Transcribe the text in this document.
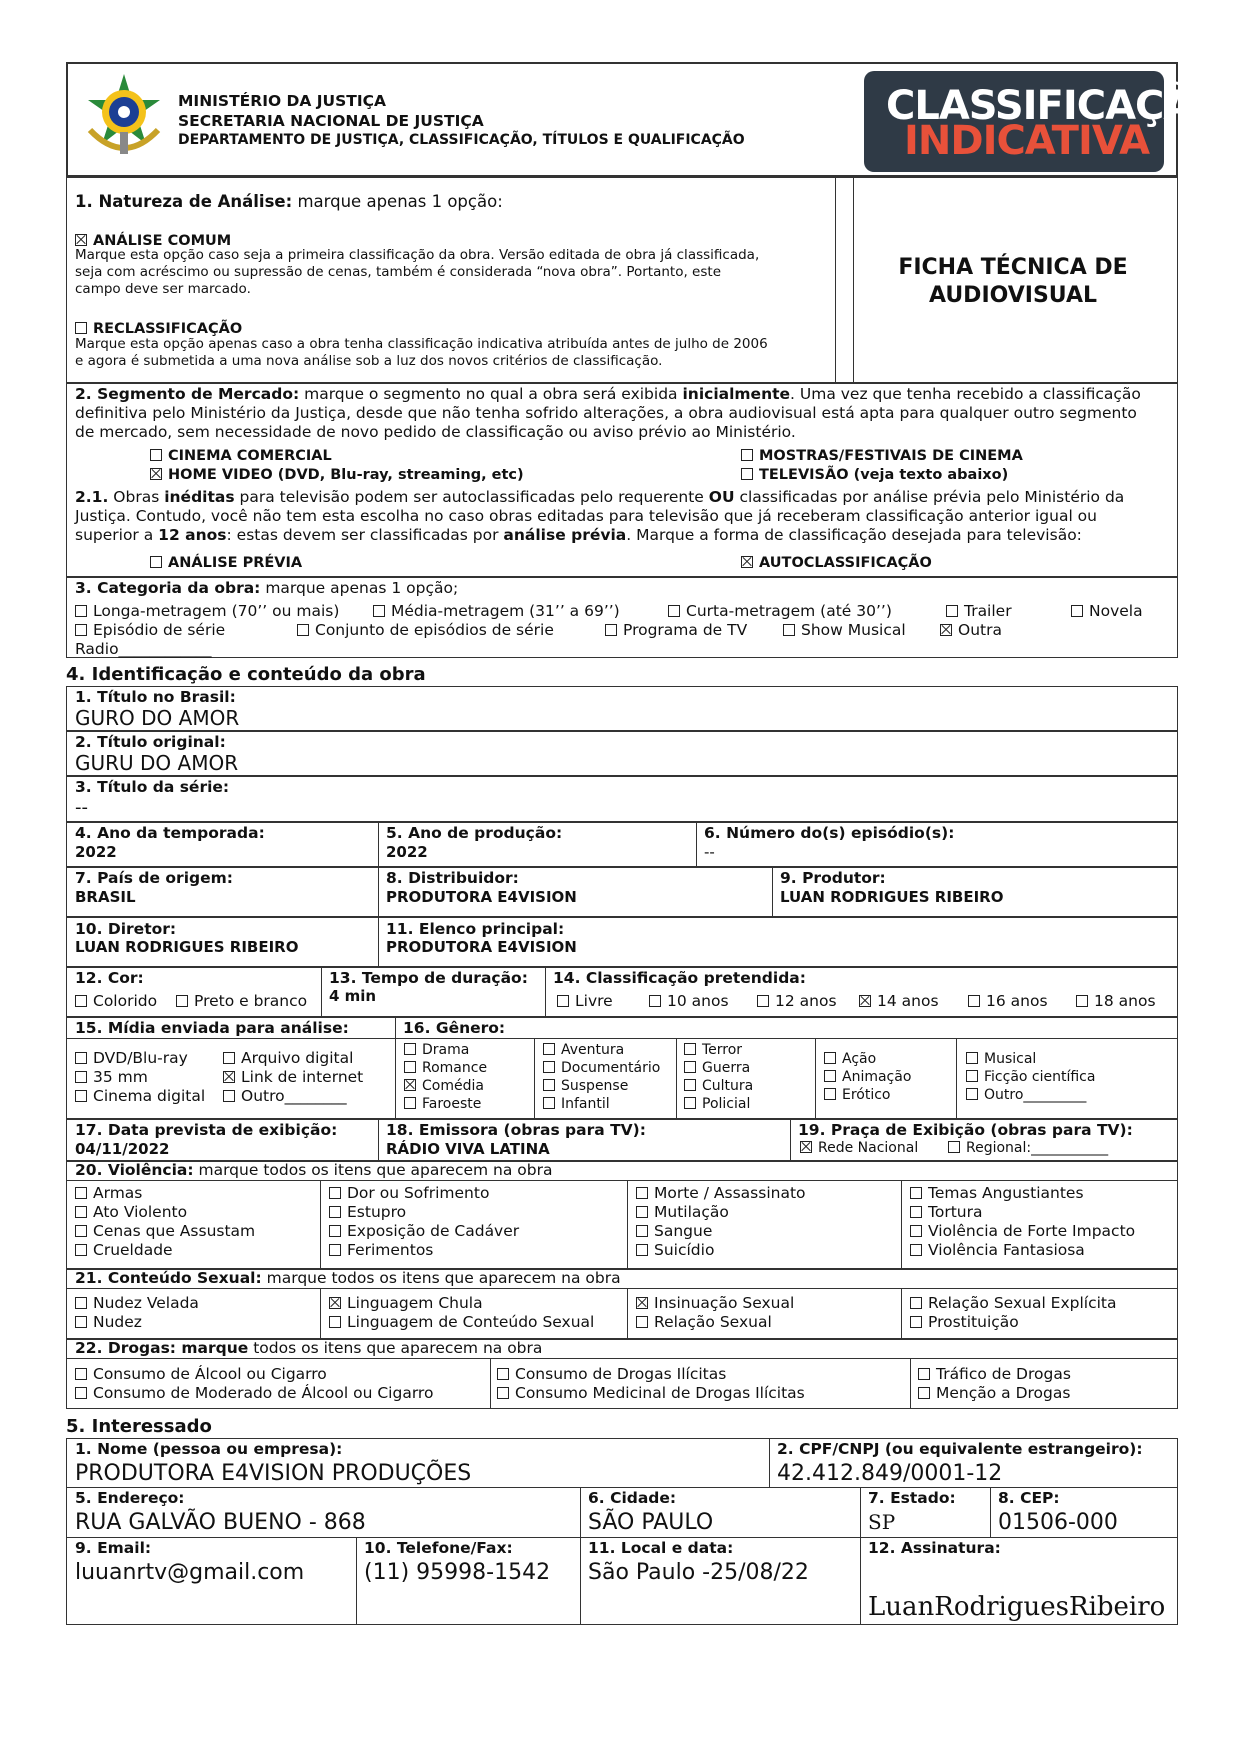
MINISTÉRIO DA JUSTIÇA
SECRETARIA NACIONAL DE JUSTIÇA
DEPARTAMENTO DE JUSTIÇA, CLASSIFICAÇÃO, TÍTULOS E QUALIFICAÇÃO
CLASSIFICAÇÃO
INDICATIVA
1. Natureza de Análise: marque apenas 1 opção:
ANÁLISE COMUM
Marque esta opção caso seja a primeira classificação da obra. Versão editada de obra já classificada,
seja com acréscimo ou supressão de cenas, também é considerada “nova obra”. Portanto, este
campo deve ser marcado.
RECLASSIFICAÇÃO
Marque esta opção apenas caso a obra tenha classificação indicativa atribuída antes de julho de 2006
e agora é submetida a uma nova análise sob a luz dos novos critérios de classificação.
FICHA TÉCNICA DE
AUDIOVISUAL
2. Segmento de Mercado: marque o segmento no qual a obra será exibida inicialmente. Uma vez que tenha recebido a classificação
definitiva pelo Ministério da Justiça, desde que não tenha sofrido alterações, a obra audiovisual está apta para qualquer outro segmento
de mercado, sem necessidade de novo pedido de classificação ou aviso prévio ao Ministério.
CINEMA COMERCIAL
HOME VIDEO (DVD, Blu-ray, streaming, etc)
MOSTRAS/FESTIVAIS DE CINEMA
TELEVISÃO (veja texto abaixo)
2.1. Obras inéditas para televisão podem ser autoclassificadas pelo requerente OU classificadas por análise prévia pelo Ministério da
Justiça. Contudo, você não tem esta escolha no caso obras editadas para televisão que já receberam classificação anterior igual ou
superior a 12 anos: estas devem ser classificadas por análise prévia. Marque a forma de classificação desejada para televisão:
ANÁLISE PRÉVIA	AUTOCLASSIFICAÇÃO
3. Categoria da obra: marque apenas 1 opção;
Longa-metragem (70’’ ou mais)	Média-metragem (31’’ a 69’’)	Curta-metragem (até 30’’)	Trailer	Novela
Episódio de série	Conjunto de episódios de série	Programa de TV	Show Musical	Outra
Radio____________
4. Identificação e conteúdo da obra
1. Título no Brasil:
GURO DO AMOR
2. Título original:
GURU DO AMOR
3. Título da série:
--
4. Ano da temporada:
2022
5. Ano de produção:
2022
6. Número do(s) episódio(s):
--
7. País de origem:
BRASIL
8. Distribuidor:
PRODUTORA E4VISION
9. Produtor:
LUAN RODRIGUES RIBEIRO
10. Diretor:
LUAN RODRIGUES RIBEIRO
11. Elenco principal:
PRODUTORA E4VISION
12. Cor:
Colorido	Preto e branco
13. Tempo de duração:
4 min
14. Classificação pretendida:
Livre	10 anos	12 anos	14 anos	16 anos	18 anos
15. Mídia enviada para análise:	16. Gênero:
DVD/Blu-ray
35 mm
Cinema digital
Arquivo digital
Link de internet
Outro________
Drama
Romance
Comédia
Faroeste
Aventura
Documentário
Suspense
Infantil
Terror
Guerra
Cultura
Policial
Ação
Animação
Erótico
Musical
Ficção científica
Outro_________
17. Data prevista de exibição:
04/11/2022
18. Emissora (obras para TV):
RÁDIO VIVA LATINA
19. Praça de Exibição (obras para TV):
Rede Nacional	Regional:___________
20. Violência: marque todos os itens que aparecem na obra
Armas
Ato Violento
Cenas que Assustam
Crueldade
Dor ou Sofrimento
Estupro
Exposição de Cadáver
Ferimentos
Morte / Assassinato
Mutilação
Sangue
Suicídio
Temas Angustiantes
Tortura
Violência de Forte Impacto
Violência Fantasiosa
21. Conteúdo Sexual: marque todos os itens que aparecem na obra
Nudez Velada
Nudez
Linguagem Chula
Linguagem de Conteúdo Sexual
Insinuação Sexual
Relação Sexual
Relação Sexual Explícita
Prostituição
22. Drogas: marque todos os itens que aparecem na obra
Consumo de Álcool ou Cigarro
Consumo de Moderado de Álcool ou Cigarro
Consumo de Drogas Ilícitas
Consumo Medicinal de Drogas Ilícitas
Tráfico de Drogas
Menção a Drogas
5. Interessado
1. Nome (pessoa ou empresa):
PRODUTORA E4VISION PRODUÇÕES
2. CPF/CNPJ (ou equivalente estrangeiro):
42.412.849/0001-12
5. Endereço:
RUA GALVÃO BUENO - 868
6. Cidade:
SÃO PAULO
7. Estado:
SP
8. CEP:
01506-000
9. Email:
luuanrtv@gmail.com
10. Telefone/Fax:
(11) 95998-1542
11. Local e data:
São Paulo -25/08/22
12. Assinatura:
LuanRodriguesRibeiro
